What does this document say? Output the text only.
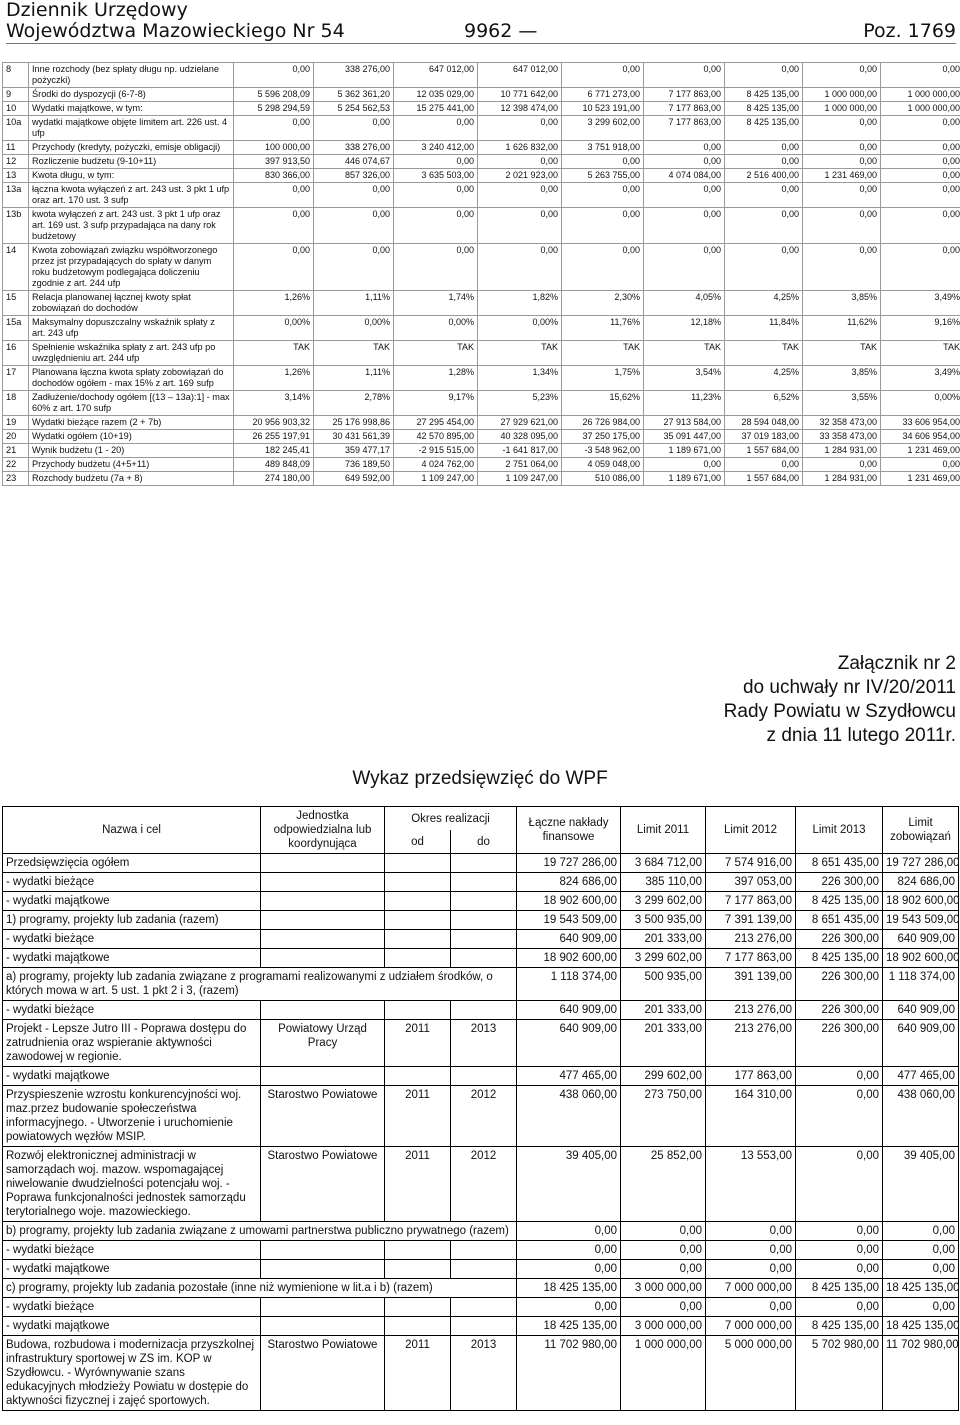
Dziennik Urzędowy
Województwa Mazowieckiego Nr 54	9962 —	Poz. 1769
8	Inne rozchody (bez spłaty długu np. udzielane pożyczki)	0,00	338 276,00	647 012,00	647 012,00	0,00	0,00	0,00	0,00	0,00
9	Środki do dyspozycji (6-7-8)	5 596 208,09	5 362 361,20	12 035 029,00	10 771 642,00	6 771 273,00	7 177 863,00	8 425 135,00	1 000 000,00	1 000 000,00
10	Wydatki majątkowe, w tym:	5 298 294,59	5 254 562,53	15 275 441,00	12 398 474,00	10 523 191,00	7 177 863,00	8 425 135,00	1 000 000,00	1 000 000,00
10a	wydatki majątkowe objęte limitem art. 226 ust. 4 ufp	0,00	0,00	0,00	0,00	3 299 602,00	7 177 863,00	8 425 135,00	0,00	0,00
11	Przychody (kredyty, pożyczki, emisje obligacji)	100 000,00	338 276,00	3 240 412,00	1 626 832,00	3 751 918,00	0,00	0,00	0,00	0,00
12	Rozliczenie budżetu (9-10+11)	397 913,50	446 074,67	0,00	0,00	0,00	0,00	0,00	0,00	0,00
13	Kwota długu, w tym:	830 366,00	857 326,00	3 635 503,00	2 021 923,00	5 263 755,00	4 074 084,00	2 516 400,00	1 231 469,00	0,00
13a	łączna kwota wyłączeń z art. 243 ust. 3 pkt 1 ufp oraz art. 170 ust. 3 sufp	0,00	0,00	0,00	0,00	0,00	0,00	0,00	0,00	0,00
13b	kwota wyłączeń z art. 243 ust. 3 pkt 1 ufp oraz art. 169 ust. 3 sufp przypadająca na dany rok budżetowy	0,00	0,00	0,00	0,00	0,00	0,00	0,00	0,00	0,00
14	Kwota zobowiązań związku współtworzonego przez jst przypadających do spłaty w danym roku budżetowym podlegająca doliczeniu zgodnie z art. 244 ufp	0,00	0,00	0,00	0,00	0,00	0,00	0,00	0,00	0,00
15	Relacja planowanej łącznej kwoty spłat zobowiązań do dochodów	1,26%	1,11%	1,74%	1,82%	2,30%	4,05%	4,25%	3,85%	3,49%
15a	Maksymalny dopuszczalny wskaźnik spłaty z art. 243 ufp	0,00%	0,00%	0,00%	0,00%	11,76%	12,18%	11,84%	11,62%	9,16%
16	Spełnienie wskaźnika spłaty z art. 243 ufp po uwzględnieniu art. 244 ufp	TAK	TAK	TAK	TAK	TAK	TAK	TAK	TAK	TAK
17	Planowana łączna kwota spłaty zobowiązań do dochodów ogółem - max 15% z art. 169 sufp	1,26%	1,11%	1,28%	1,34%	1,75%	3,54%	4,25%	3,85%	3,49%
18	Zadłużenie/dochody ogółem [(13 – 13a):1] - max 60% z art. 170 sufp	3,14%	2,78%	9,17%	5,23%	15,62%	11,23%	6,52%	3,55%	0,00%
19	Wydatki bieżące razem (2 + 7b)	20 956 903,32	25 176 998,86	27 295 454,00	27 929 621,00	26 726 984,00	27 913 584,00	28 594 048,00	32 358 473,00	33 606 954,00
20	Wydatki ogółem (10+19)	26 255 197,91	30 431 561,39	42 570 895,00	40 328 095,00	37 250 175,00	35 091 447,00	37 019 183,00	33 358 473,00	34 606 954,00
21	Wynik budżetu (1 - 20)	182 245,41	359 477,17	-2 915 515,00	-1 641 817,00	-3 548 962,00	1 189 671,00	1 557 684,00	1 284 931,00	1 231 469,00
22	Przychody budżetu (4+5+11)	489 848,09	736 189,50	4 024 762,00	2 751 064,00	4 059 048,00	0,00	0,00	0,00	0,00
23	Rozchody budżetu (7a + 8)	274 180,00	649 592,00	1 109 247,00	1 109 247,00	510 086,00	1 189 671,00	1 557 684,00	1 284 931,00	1 231 469,00
Załącznik nr 2
do uchwały nr IV/20/2011
Rady Powiatu w Szydłowcu
z dnia 11 lutego 2011r.
Wykaz przedsięwzięć do WPF
Nazwa i cel	Jednostka odpowiedzialna lub koordynująca	Okres realizacji		Łączne nakłady finansowe	Limit 2011	Limit 2012	Limit 2013	Limit zobowiązań
		od	do					
Przedsięwzięcia ogółem				19 727 286,00	3 684 712,00	7 574 916,00	8 651 435,00	19 727 286,00
- wydatki bieżące				824 686,00	385 110,00	397 053,00	226 300,00	824 686,00
- wydatki majątkowe				18 902 600,00	3 299 602,00	7 177 863,00	8 425 135,00	18 902 600,00
1) programy, projekty lub zadania (razem)				19 543 509,00	3 500 935,00	7 391 139,00	8 651 435,00	19 543 509,00
- wydatki bieżące				640 909,00	201 333,00	213 276,00	226 300,00	640 909,00
- wydatki majątkowe				18 902 600,00	3 299 602,00	7 177 863,00	8 425 135,00	18 902 600,00
a) programy, projekty lub zadania związane z programami realizowanymi z udziałem środków, o których mowa w art. 5 ust. 1 pkt 2 i 3, (razem)				1 118 374,00	500 935,00	391 139,00	226 300,00	1 118 374,00
- wydatki bieżące				640 909,00	201 333,00	213 276,00	226 300,00	640 909,00
Projekt - Lepsze Jutro III - Poprawa dostępu do zatrudnienia oraz wspieranie aktywności zawodowej w regionie.	Powiatowy Urząd Pracy	2011	2013	640 909,00	201 333,00	213 276,00	226 300,00	640 909,00
- wydatki majątkowe				477 465,00	299 602,00	177 863,00	0,00	477 465,00
Przyspieszenie wzrostu konkurencyjności woj. maz.przez budowanie społeczeństwa informacyjnego. - Utworzenie i uruchomienie powiatowych węzłów MSIP.	Starostwo Powiatowe	2011	2012	438 060,00	273 750,00	164 310,00	0,00	438 060,00
Rozwój elektronicznej administracji w samorządach woj. mazow. wspomagającej niwelowanie dwudzielności potencjału woj. - Poprawa funkcjonalności jednostek samorządu terytorialnego woje. mazowieckiego.	Starostwo Powiatowe	2011	2012	39 405,00	25 852,00	13 553,00	0,00	39 405,00
b) programy, projekty lub zadania związane z umowami partnerstwa publiczno prywatnego (razem)				0,00	0,00	0,00	0,00	0,00
- wydatki bieżące				0,00	0,00	0,00	0,00	0,00
- wydatki majątkowe				0,00	0,00	0,00	0,00	0,00
c) programy, projekty lub zadania pozostałe (inne niż wymienione w lit.a i b) (razem)				18 425 135,00	3 000 000,00	7 000 000,00	8 425 135,00	18 425 135,00
- wydatki bieżące				0,00	0,00	0,00	0,00	0,00
- wydatki majątkowe				18 425 135,00	3 000 000,00	7 000 000,00	8 425 135,00	18 425 135,00
Budowa, rozbudowa i modernizacja przyszkolnej infrastruktury sportowej w ZS im. KOP w Szydłowcu. - Wyrównywanie szans edukacyjnych młodzieży Powiatu w dostępie do aktywności fizycznej i zajęć sportowych.	Starostwo Powiatowe	2011	2013	11 702 980,00	1 000 000,00	5 000 000,00	5 702 980,00	11 702 980,00
